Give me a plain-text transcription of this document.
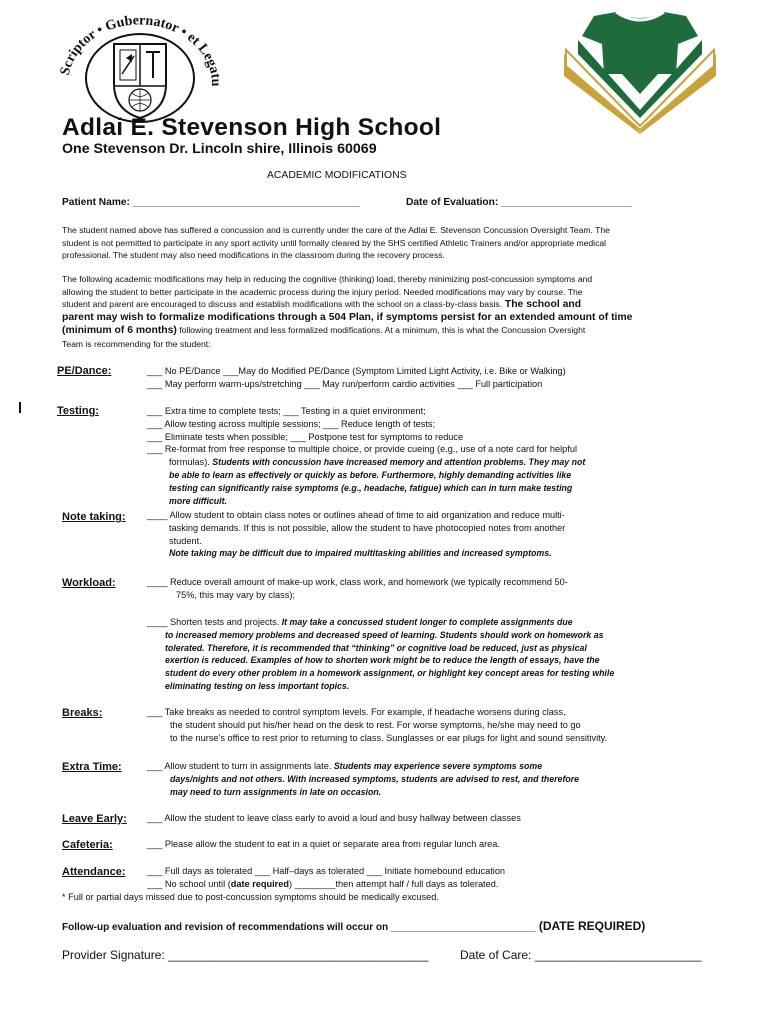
Scriptor • Gubernator • et Legatu
Adlai E. Stevenson High School
One Stevenson Dr. Lincoln shire, Illinois 60069
ACADEMIC MODIFICATIONS
Patient Name: ________________________________________	Date of Evaluation: _______________________
The student named above has suffered a concussion and is currently under the care of the Adlai E. Stevenson Concussion Oversight Team. The
student is not permitted to participate in any sport activity until formally cleared by the SHS certified Athletic Trainers and/or appropriate medical
professional. The student may also need modifications in the classroom during the recovery process.
The following academic modifications may help in reducing the cognitive (thinking) load, thereby minimizing post-concussion symptoms and
allowing the student to better participate in the academic process during the injury period. Needed modifications may vary by course. The
student and parent are encouraged to discuss and establish modifications with the school on a class-by-class basis. The school and
parent may wish to formalize modifications through a 504 Plan, if symptoms persist for an extended amount of time
(minimum of 6 months) following treatment and less formalized modifications. At a minimum, this is what the Concussion Oversight
Team is recommending for the student:
PE/Dance:	___ No PE/Dance ___May do Modified PE/Dance (Symptom Limited Light Activity, i.e. Bike or Walking)
___ May perform warm-ups/stretching ___ May run/perform cardio activities ___ Full participation
Testing:	___ Extra time to complete tests; ___ Testing in a quiet environment;
___ Allow testing across multiple sessions; ___ Reduce length of tests;
___ Eliminate tests when possible; ___ Postpone test for symptoms to reduce
___ Re-format from free response to multiple choice, or provide cueing (e.g., use of a note card for helpful
formulas). Students with concussion have increased memory and attention problems. They may not
be able to learn as effectively or quickly as before. Furthermore, highly demanding activities like
testing can significantly raise symptoms (e.g., headache, fatigue) which can in turn make testing
more difficult.
Note taking: ____ Allow student to obtain class notes or outlines ahead of time to aid organization and reduce multi-
tasking demands. If this is not possible, allow the student to have photocopied notes from another
student.
Note taking may be difficult due to impaired multitasking abilities and increased symptoms.
Workload:	____ Reduce overall amount of make-up work, class work, and homework (we typically recommend 50-
75%, this may vary by class);
____ Shorten tests and projects. It may take a concussed student longer to complete assignments due
to increased memory problems and decreased speed of learning. Students should work on homework as
tolerated. Therefore, it is recommended that “thinking” or cognitive load be reduced, just as physical
exertion is reduced. Examples of how to shorten work might be to reduce the length of essays, have the
student do every other problem in a homework assignment, or highlight key concept areas for testing while
eliminating testing on less important topics.
Breaks:	___ Take breaks as needed to control symptom levels. For example, if headache worsens during class,
the student should put his/her head on the desk to rest. For worse symptoms, he/she may need to go
to the nurse’s office to rest prior to returning to class. Sunglasses or ear plugs for light and sound sensitivity.
Extra Time:	___ Allow student to turn in assignments late. Students may experience severe symptoms some
days/nights and not others. With increased symptoms, students are advised to rest, and therefore
may need to turn assignments in late on occasion.
Leave Early: ___ Allow the student to leave class early to avoid a loud and busy hallway between classes
Cafeteria:	___ Please allow the student to eat in a quiet or separate area from regular lunch area.
Attendance: ___ Full days as tolerated ___ Half–days as tolerated ___ Initiate homebound education
___ No school until (date required) ________then attempt half / full days as tolerated.
* Full or partial days missed due to post-concussion symptoms should be medically excused.
Follow-up evaluation and revision of recommendations will occur on __________________________ (DATE REQUIRED)
Provider Signature: _______________________________________	Date of Care: _________________________
